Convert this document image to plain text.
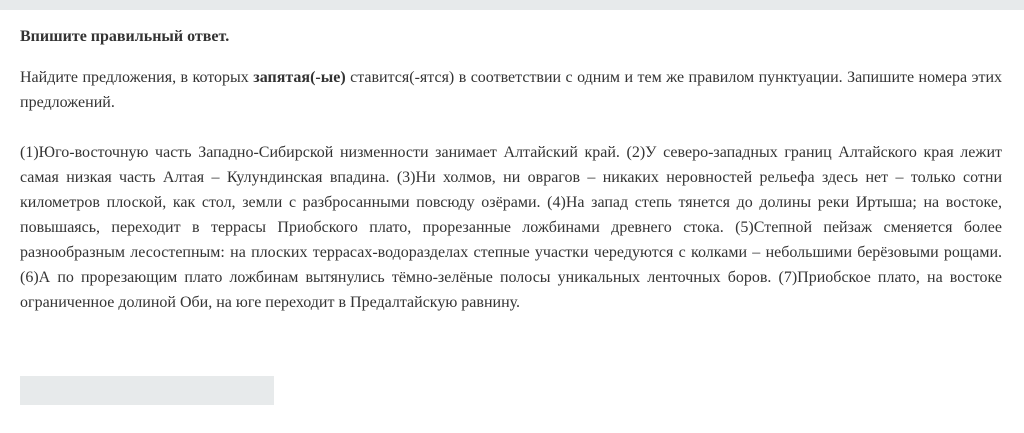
Впишите правильный ответ.
Найдите предложения, в которых запятая(-ые) ставится(-ятся) в соответствии с одним и тем же правилом пунктуации. Запишите номера этих предложений.
(1)Юго-восточную часть Западно-Сибирской низменности занимает Алтайский край. (2)У северо-западных границ Алтайского края лежит самая низкая часть Алтая – Кулундинская впадина. (3)Ни холмов, ни оврагов – никаких неровностей рельефа здесь нет – только сотни километров плоской, как стол, земли с разбросанными повсюду озёрами. (4)На запад степь тянется до долины реки Иртыша; на востоке, повышаясь, переходит в террасы Приобского плато, прорезанные ложбинами древнего стока. (5)Степной пейзаж сменяется более разнообразным лесостепным: на плоских террасах-водоразделах степные участки чередуются с колками – небольшими берёзовыми рощами. (6)А по прорезающим плато ложбинам вытянулись тёмно-зелёные полосы уникальных ленточных боров. (7)Приобское плато, на востоке ограниченное долиной Оби, на юге переходит в Предалтайскую равнину.
